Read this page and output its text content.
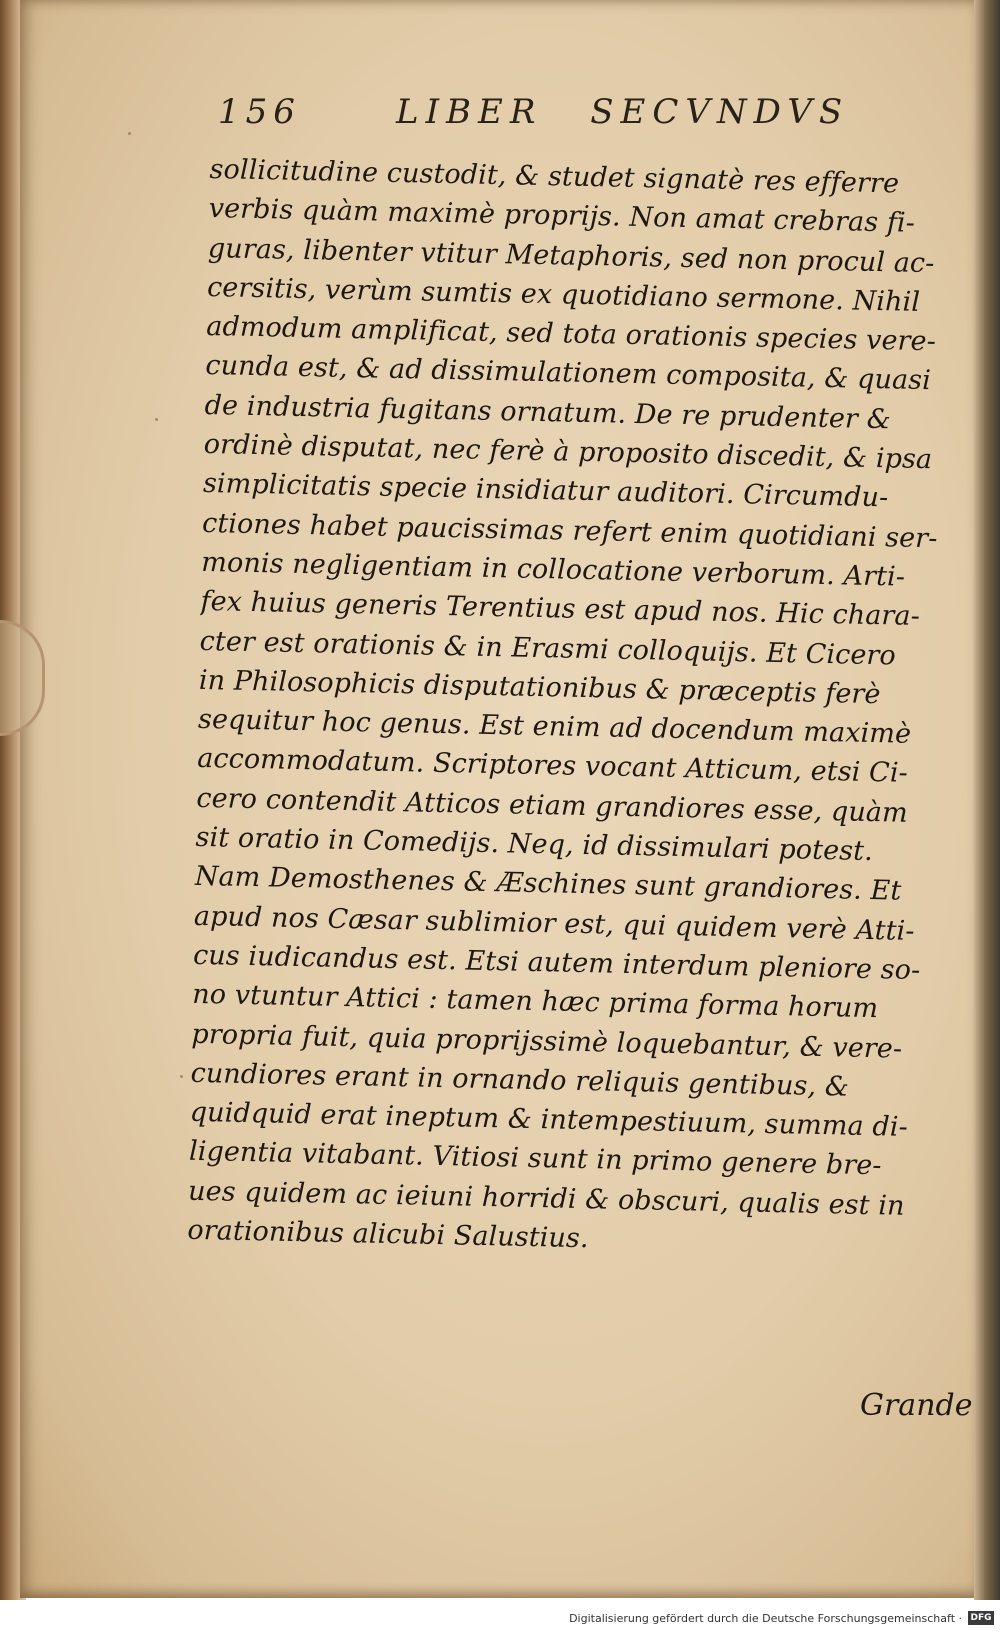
156	LIBER SECVNDVS
sollicitudine custodit, & studet signatè res efferre
verbis quàm maximè proprijs. Non amat crebras fi-
guras, libenter vtitur Metaphoris, sed non procul ac-
cersitis, verùm sumtis ex quotidiano sermone. Nihil
admodum amplificat, sed tota orationis species vere-
cunda est, & ad dissimulationem composita, & quasi
de industria fugitans ornatum. De re prudenter &
ordinè disputat, nec ferè à proposito discedit, & ipsa
simplicitatis specie insidiatur auditori. Circumdu-
ctiones habet paucissimas refert enim quotidiani ser-
monis negligentiam in collocatione verborum. Arti-
fex huius generis Terentius est apud nos. Hic chara-
cter est orationis & in Erasmi colloquijs. Et Cicero
in Philosophicis disputationibus & præceptis ferè
sequitur hoc genus. Est enim ad docendum maximè
accommodatum. Scriptores vocant Atticum, etsi Ci-
cero contendit Atticos etiam grandiores esse, quàm
sit oratio in Comedijs. Neq, id dissimulari potest.
Nam Demosthenes & Æschines sunt grandiores. Et
apud nos Cæsar sublimior est, qui quidem verè Atti-
cus iudicandus est. Etsi autem interdum pleniore so-
no vtuntur Attici : tamen hæc prima forma horum
propria fuit, quia proprijssimè loquebantur, & vere-
cundiores erant in ornando reliquis gentibus, &
quidquid erat ineptum & intempestiuum, summa di-
ligentia vitabant. Vitiosi sunt in primo genere bre-
ues quidem ac ieiuni horridi & obscuri, qualis est in
orationibus alicubi Salustius.
Grande
Digitalisierung gefördert durch die Deutsche Forschungsgemeinschaft · DFG
